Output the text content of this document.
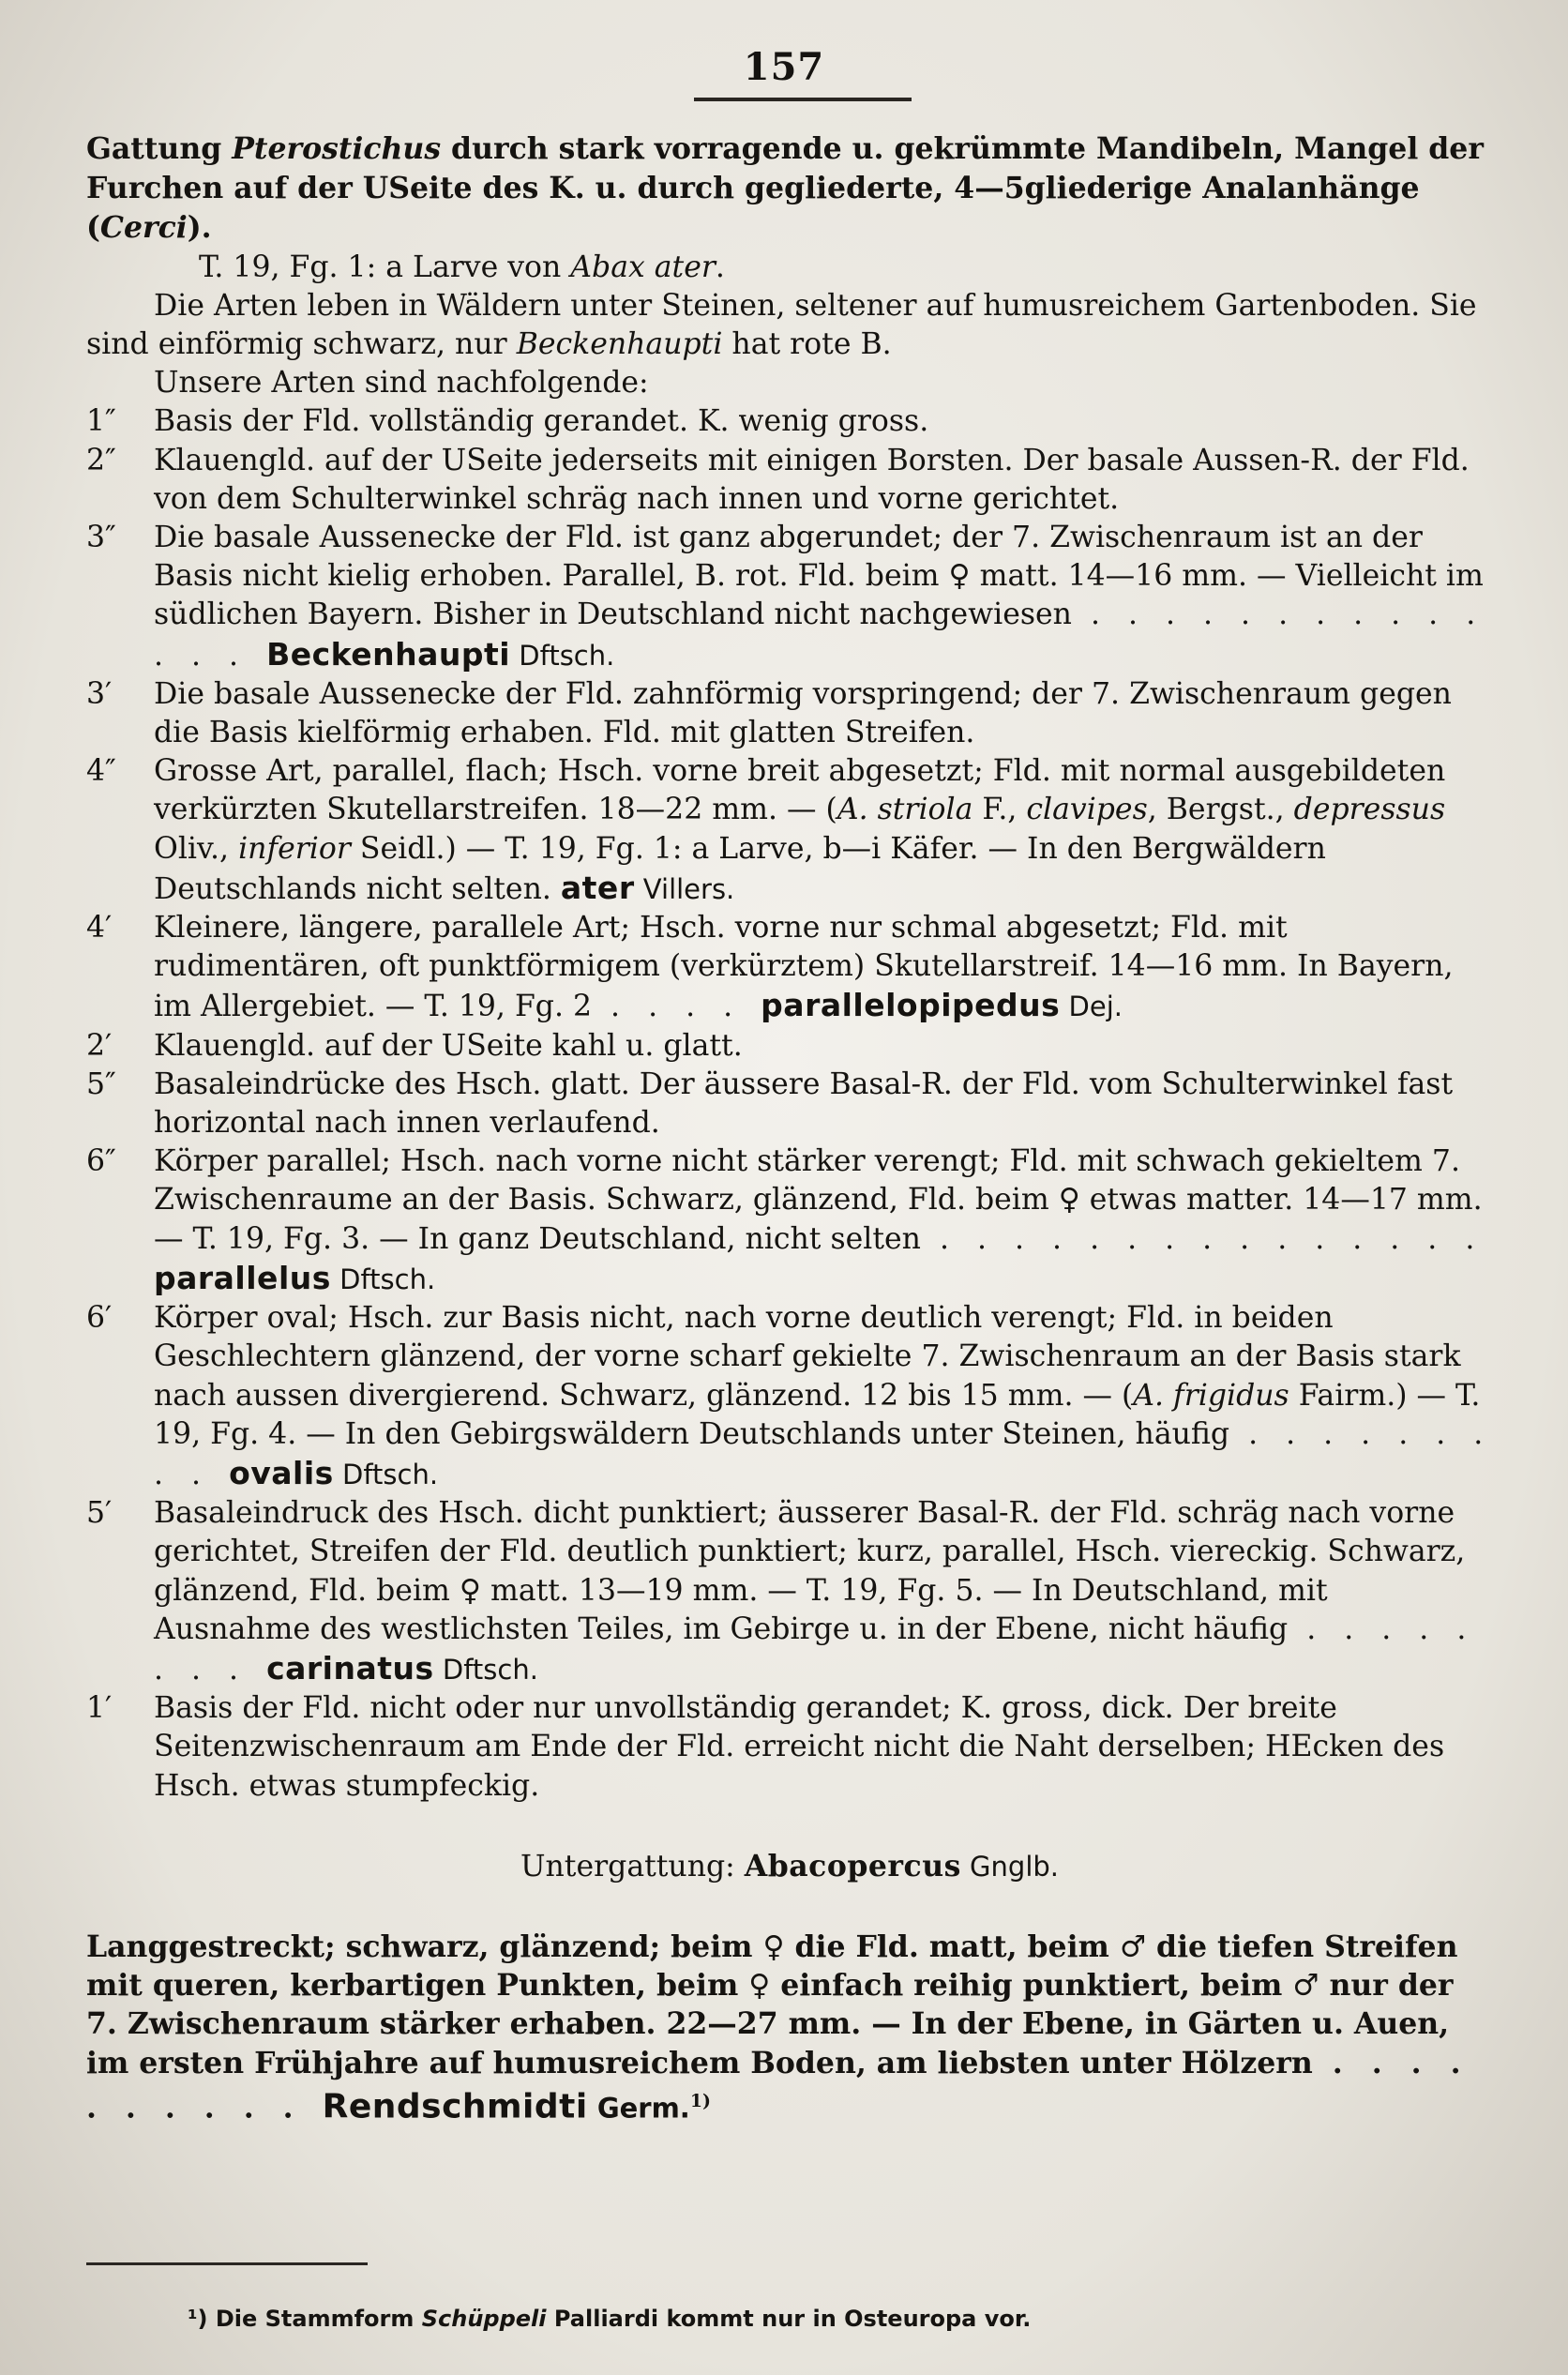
157

Gattung Pterostichus durch stark vorragende u. gekrümmte Mandibeln, Mangel der Furchen auf der USeite des K. u. durch gegliederte, 4—5gliederige Analanhänge (Cerci).

T. 19, Fg. 1: a Larve von Abax ater.

Die Arten leben in Wäldern unter Steinen, seltener auf humusreichem Gartenboden. Sie sind einförmig schwarz, nur Beckenhaupti hat rote B.

Unsere Arten sind nachfolgende:

1″	Basis der Fld. vollständig gerandet. K. wenig gross.

2″	Klauengld. auf der USeite jederseits mit einigen Borsten. Der basale Aussen-R. der Fld. von dem Schulterwinkel schräg nach innen und vorne gerichtet.

3″	Die basale Aussenecke der Fld. ist ganz abgerundet; der 7. Zwischenraum ist an der Basis nicht kielig erhoben. Parallel, B. rot. Fld. beim ♀ matt. 14—16 mm. — Vielleicht im südlichen Bayern. Bisher in Deutschland nicht nachgewiesen . . . . . . . . . . . . . . Beckenhaupti Dftsch.

3′	Die basale Aussenecke der Fld. zahnförmig vorspringend; der 7. Zwischenraum gegen die Basis kielförmig erhaben. Fld. mit glatten Streifen.

4″	Grosse Art, parallel, flach; Hsch. vorne breit abgesetzt; Fld. mit normal ausgebildeten verkürzten Skutellarstreifen. 18—22 mm. — (A. striola F., clavipes, Bergst., depressus Oliv., inferior Seidl.) — T. 19, Fg. 1: a Larve, b—i Käfer. — In den Bergwäldern Deutschlands nicht selten. ater Villers.

4′	Kleinere, längere, parallele Art; Hsch. vorne nur schmal abgesetzt; Fld. mit rudimentären, oft punktförmigem (verkürztem) Skutellarstreif. 14—16 mm. In Bayern, im Allergebiet. — T. 19, Fg. 2 . . . . parallelopipedus Dej.

2′	Klauengld. auf der USeite kahl u. glatt.

5″	Basaleindrücke des Hsch. glatt. Der äussere Basal-R. der Fld. vom Schulterwinkel fast horizontal nach innen verlaufend.

6″	Körper parallel; Hsch. nach vorne nicht stärker verengt; Fld. mit schwach gekieltem 7. Zwischenraume an der Basis. Schwarz, glänzend, Fld. beim ♀ etwas matter. 14—17 mm. — T. 19, Fg. 3. — In ganz Deutschland, nicht selten . . . . . . . . . . . . . . . parallelus Dftsch.

6′	Körper oval; Hsch. zur Basis nicht, nach vorne deutlich verengt; Fld. in beiden Geschlechtern glänzend, der vorne scharf gekielte 7. Zwischenraum an der Basis stark nach aussen divergierend. Schwarz, glänzend. 12 bis 15 mm. — (A. frigidus Fairm.) — T. 19, Fg. 4. — In den Gebirgswäldern Deutschlands unter Steinen, häufig . . . . . . . . . ovalis Dftsch.

5′	Basaleindruck des Hsch. dicht punktiert; äusserer Basal-R. der Fld. schräg nach vorne gerichtet, Streifen der Fld. deutlich punktiert; kurz, parallel, Hsch. viereckig. Schwarz, glänzend, Fld. beim ♀ matt. 13—19 mm. — T. 19, Fg. 5. — In Deutschland, mit Ausnahme des westlichsten Teiles, im Gebirge u. in der Ebene, nicht häufig . . . . . . . . carinatus Dftsch.

1′	Basis der Fld. nicht oder nur unvollständig gerandet; K. gross, dick. Der breite Seitenzwischenraum am Ende der Fld. erreicht nicht die Naht derselben; HEcken des Hsch. etwas stumpfeckig.

Untergattung: Abacopercus Gnglb.

Langgestreckt; schwarz, glänzend; beim ♀ die Fld. matt, beim ♂ die tiefen Streifen mit queren, kerbartigen Punkten, beim ♀ einfach reihig punktiert, beim ♂ nur der 7. Zwischenraum stärker erhaben. 22—27 mm. — In der Ebene, in Gärten u. Auen, im ersten Frühjahre auf humusreichem Boden, am liebsten unter Hölzern . . . . . . . . . . Rendschmidti Germ.$^{1)}$

¹) Die Stammform Schüppeli Palliardi kommt nur in Osteuropa vor.
